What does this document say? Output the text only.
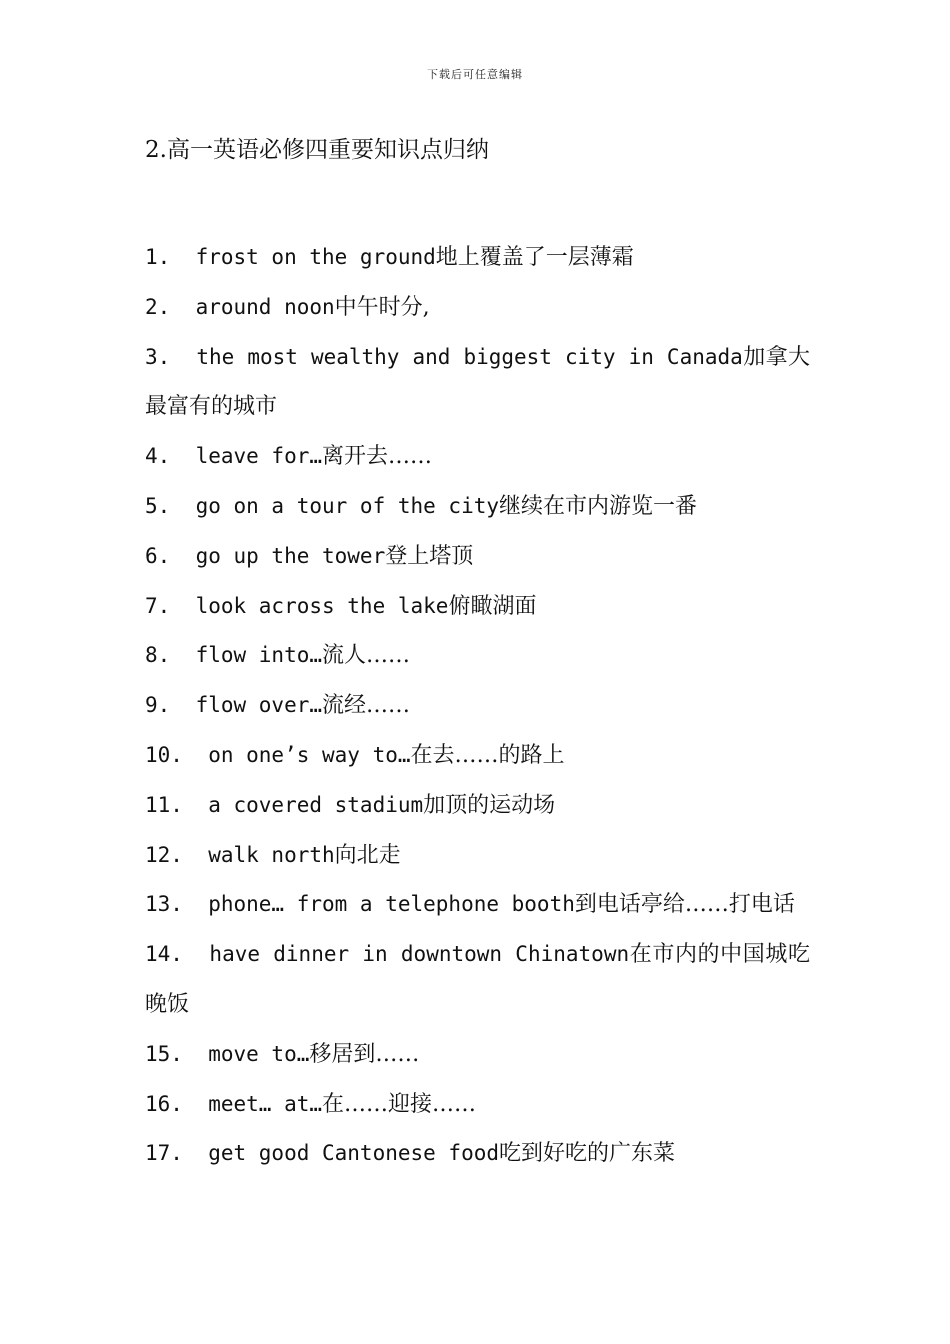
下载后可任意编辑
2.高一英语必修四重要知识点归纳
1.  frost on the ground地上覆盖了一层薄霜
2.  around noon中午时分,
3.  the most wealthy and biggest city in Canada加拿大最富有的城市
4.  leave for…离开去……
5.  go on a tour of the city继续在市内游览一番
6.  go up the tower登上塔顶
7.  look across the lake俯瞰湖面
8.  flow into…流人……
9.  flow over…流经……
10.  on one’s way to…在去……的路上
11.  a covered stadium加顶的运动场
12.  walk north向北走
13.  phone… from a telephone booth到电话亭给……打电话
14.  have dinner in downtown Chinatown在市内的中国城吃晚饭
15.  move to…移居到……
16.  meet… at…在……迎接……
17.  get good Cantonese food吃到好吃的广东菜
